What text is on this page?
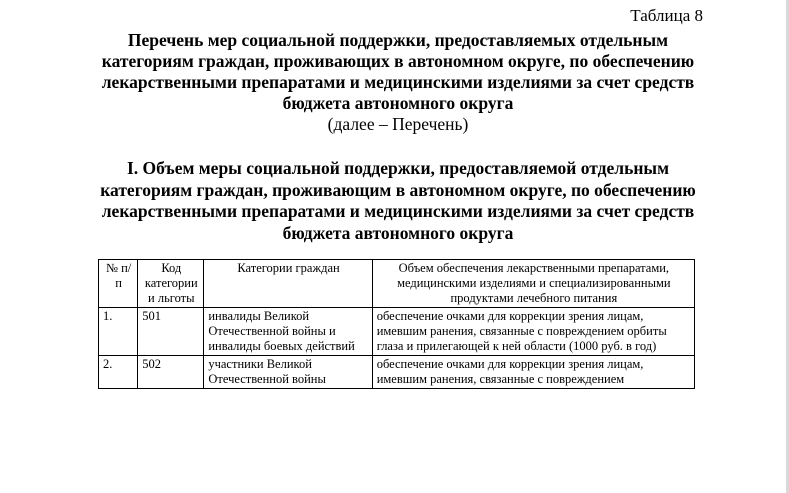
Таблица 8
Перечень мер социальной поддержки, предоставляемых отдельным категориям граждан, проживающих в автономном округе, по обеспечению лекарственными препаратами и медицинскими изделиями за счет средств бюджета автономного округа
(далее – Перечень)
I. Объем меры социальной поддержки, предоставляемой отдельным категориям граждан, проживающим в автономном округе, по обеспечению лекарственными препаратами и медицинскими изделиями за счет средств бюджета автономного округа
№ п/п	Код категории и льготы	Категории граждан	Объем обеспечения лекарственными препаратами, медицинскими изделиями и специализированными продуктами лечебного питания
1.	501	инвалиды Великой Отечественной войны и инвалиды боевых действий	обеспечение очками для коррекции зрения лицам, имевшим ранения, связанные с повреждением орбиты глаза и прилегающей к ней области (1000 руб. в год)
2.	502	участники Великой Отечественной войны	обеспечение очками для коррекции зрения лицам, имевшим ранения, связанные с повреждением
